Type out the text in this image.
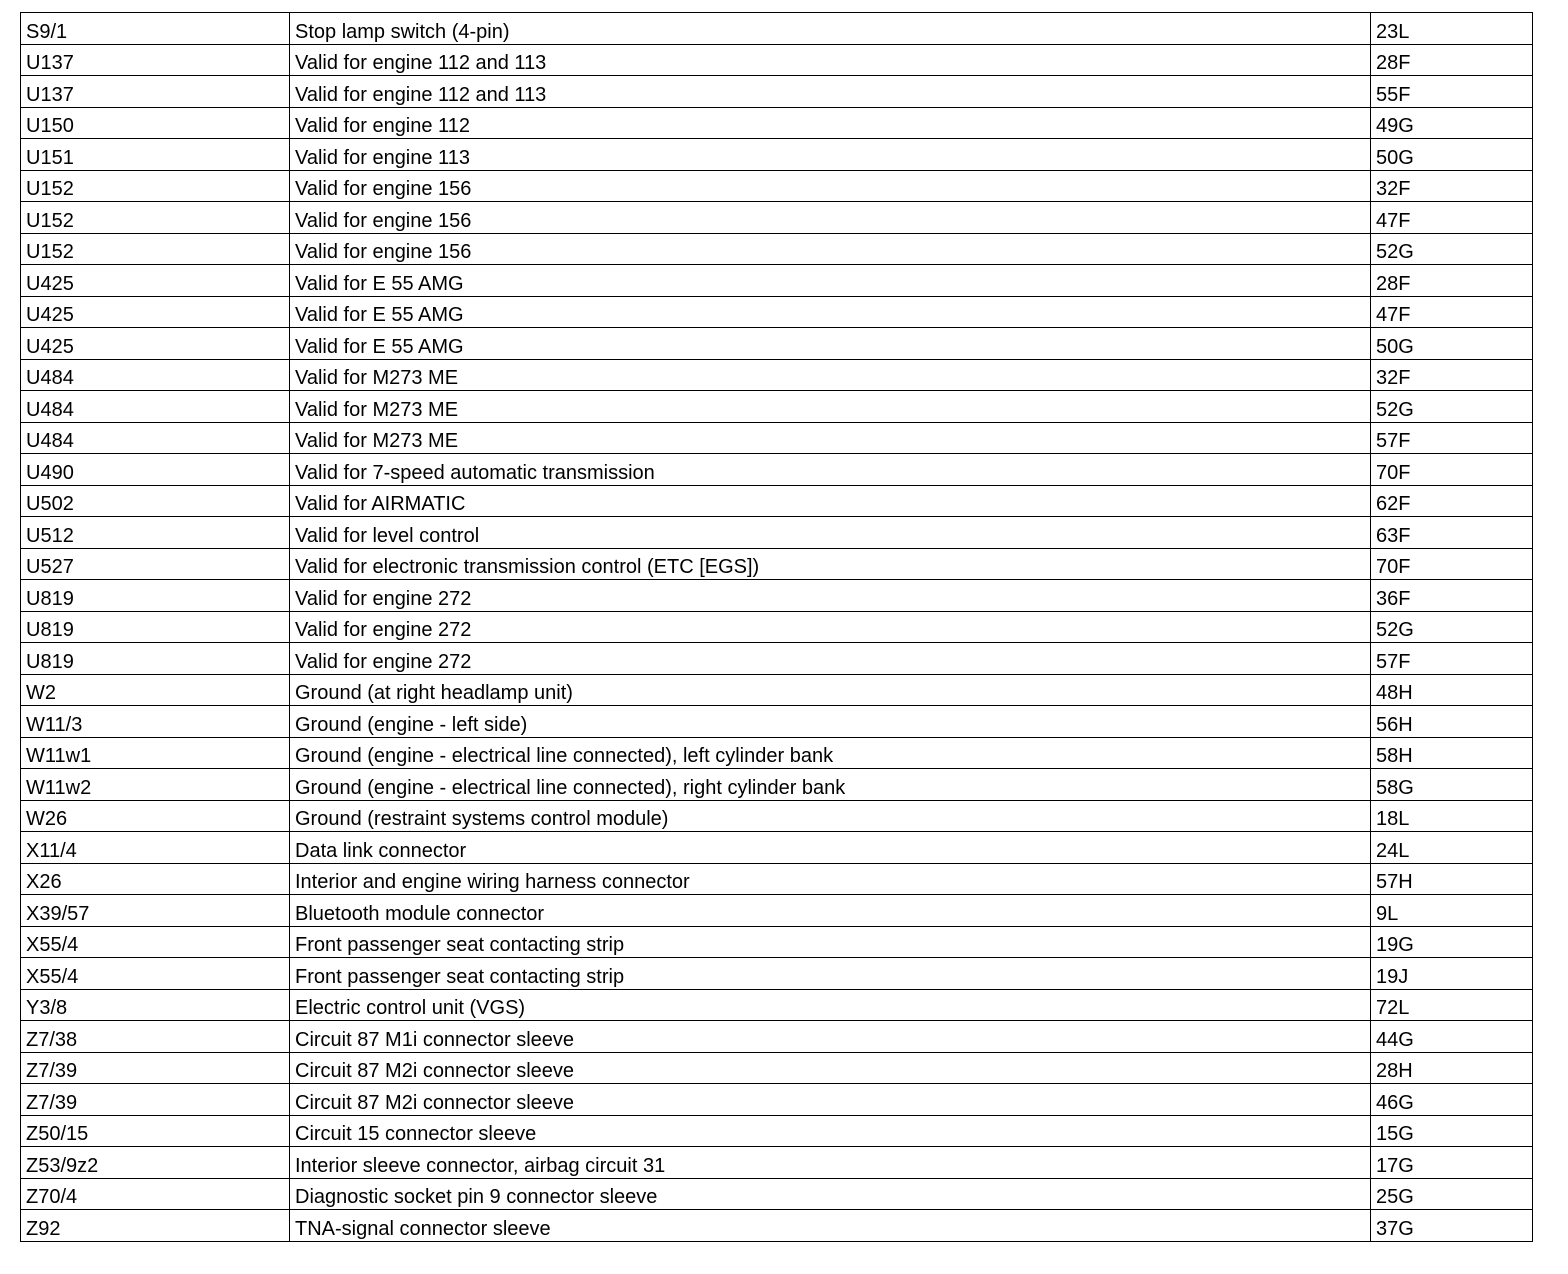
S9/1	Stop lamp switch (4-pin)	23L
U137	Valid for engine 112 and 113	28F
U137	Valid for engine 112 and 113	55F
U150	Valid for engine 112	49G
U151	Valid for engine 113	50G
U152	Valid for engine 156	32F
U152	Valid for engine 156	47F
U152	Valid for engine 156	52G
U425	Valid for E 55 AMG	28F
U425	Valid for E 55 AMG	47F
U425	Valid for E 55 AMG	50G
U484	Valid for M273 ME	32F
U484	Valid for M273 ME	52G
U484	Valid for M273 ME	57F
U490	Valid for 7-speed automatic transmission	70F
U502	Valid for AIRMATIC	62F
U512	Valid for level control	63F
U527	Valid for electronic transmission control (ETC [EGS])	70F
U819	Valid for engine 272	36F
U819	Valid for engine 272	52G
U819	Valid for engine 272	57F
W2	Ground (at right headlamp unit)	48H
W11/3	Ground (engine - left side)	56H
W11w1	Ground (engine - electrical line connected), left cylinder bank	58H
W11w2	Ground (engine - electrical line connected), right cylinder bank	58G
W26	Ground (restraint systems control module)	18L
X11/4	Data link connector	24L
X26	Interior and engine wiring harness connector	57H
X39/57	Bluetooth module connector	9L
X55/4	Front passenger seat contacting strip	19G
X55/4	Front passenger seat contacting strip	19J
Y3/8	Electric control unit (VGS)	72L
Z7/38	Circuit 87 M1i connector sleeve	44G
Z7/39	Circuit 87 M2i connector sleeve	28H
Z7/39	Circuit 87 M2i connector sleeve	46G
Z50/15	Circuit 15 connector sleeve	15G
Z53/9z2	Interior sleeve connector, airbag circuit 31	17G
Z70/4	Diagnostic socket pin 9 connector sleeve	25G
Z92	TNA-signal connector sleeve	37G
